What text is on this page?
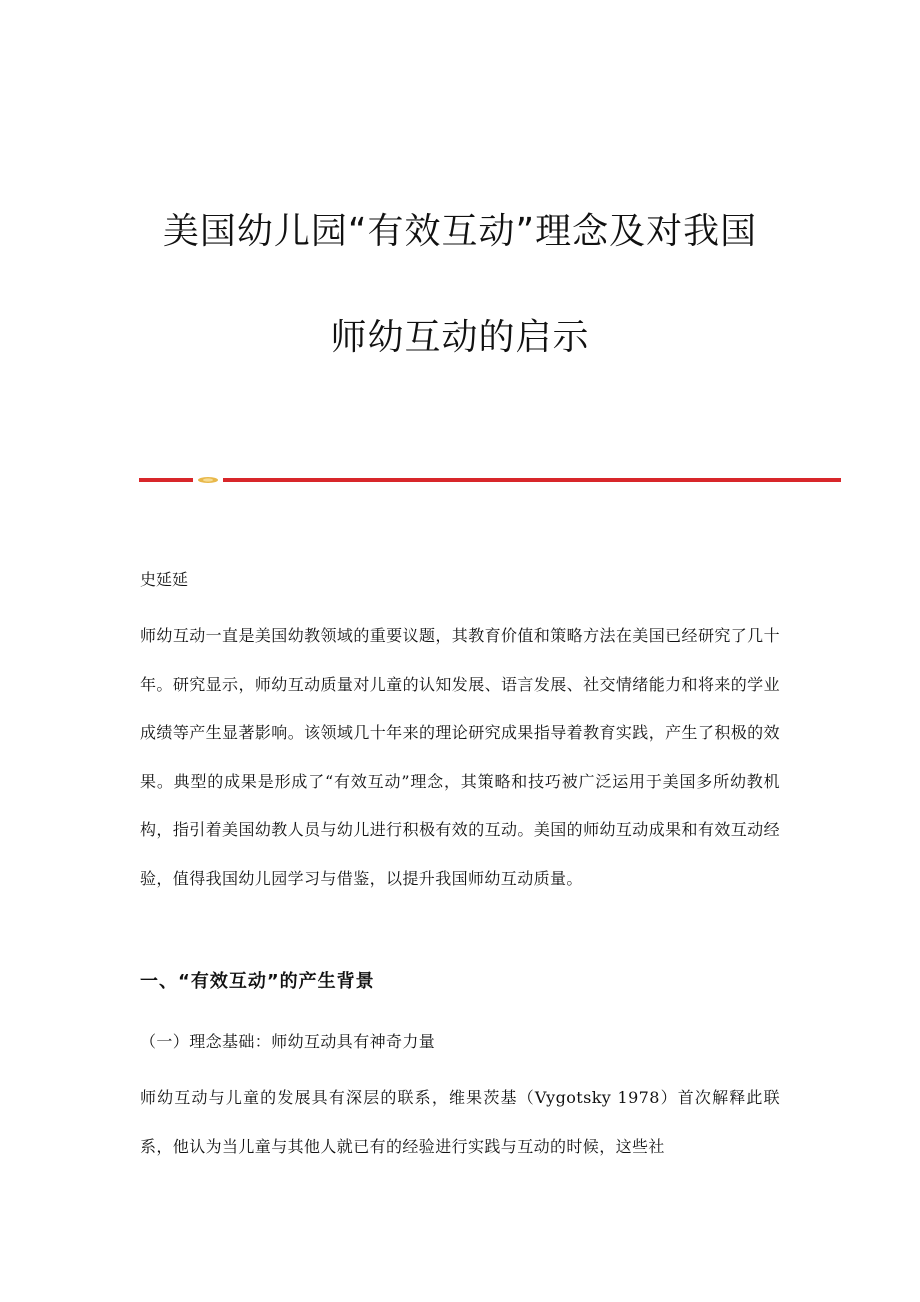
美国幼儿园“有效互动”理念及对我国

师幼互动的启示

史延延

师幼互动一直是美国幼教领域的重要议题，其教育价值和策略方法在美国已经研究了几十年。研究显示，师幼互动质量对儿童的认知发展、语言发展、社交情绪能力和将来的学业成绩等产生显著影响。该领域几十年来的理论研究成果指导着教育实践，产生了积极的效果。典型的成果是形成了“有效互动”理念，其策略和技巧被广泛运用于美国多所幼教机构，指引着美国幼教人员与幼儿进行积极有效的互动。美国的师幼互动成果和有效互动经验，值得我国幼儿园学习与借鉴，以提升我国师幼互动质量。

一、“有效互动”的产生背景
（一）理念基础：师幼互动具有神奇力量

师幼互动与儿童的发展具有深层的联系，维果茨基（Vygotsky 1978）首次解释此联系，他认为当儿童与其他人就已有的经验进行实践与互动的时候，这些社
